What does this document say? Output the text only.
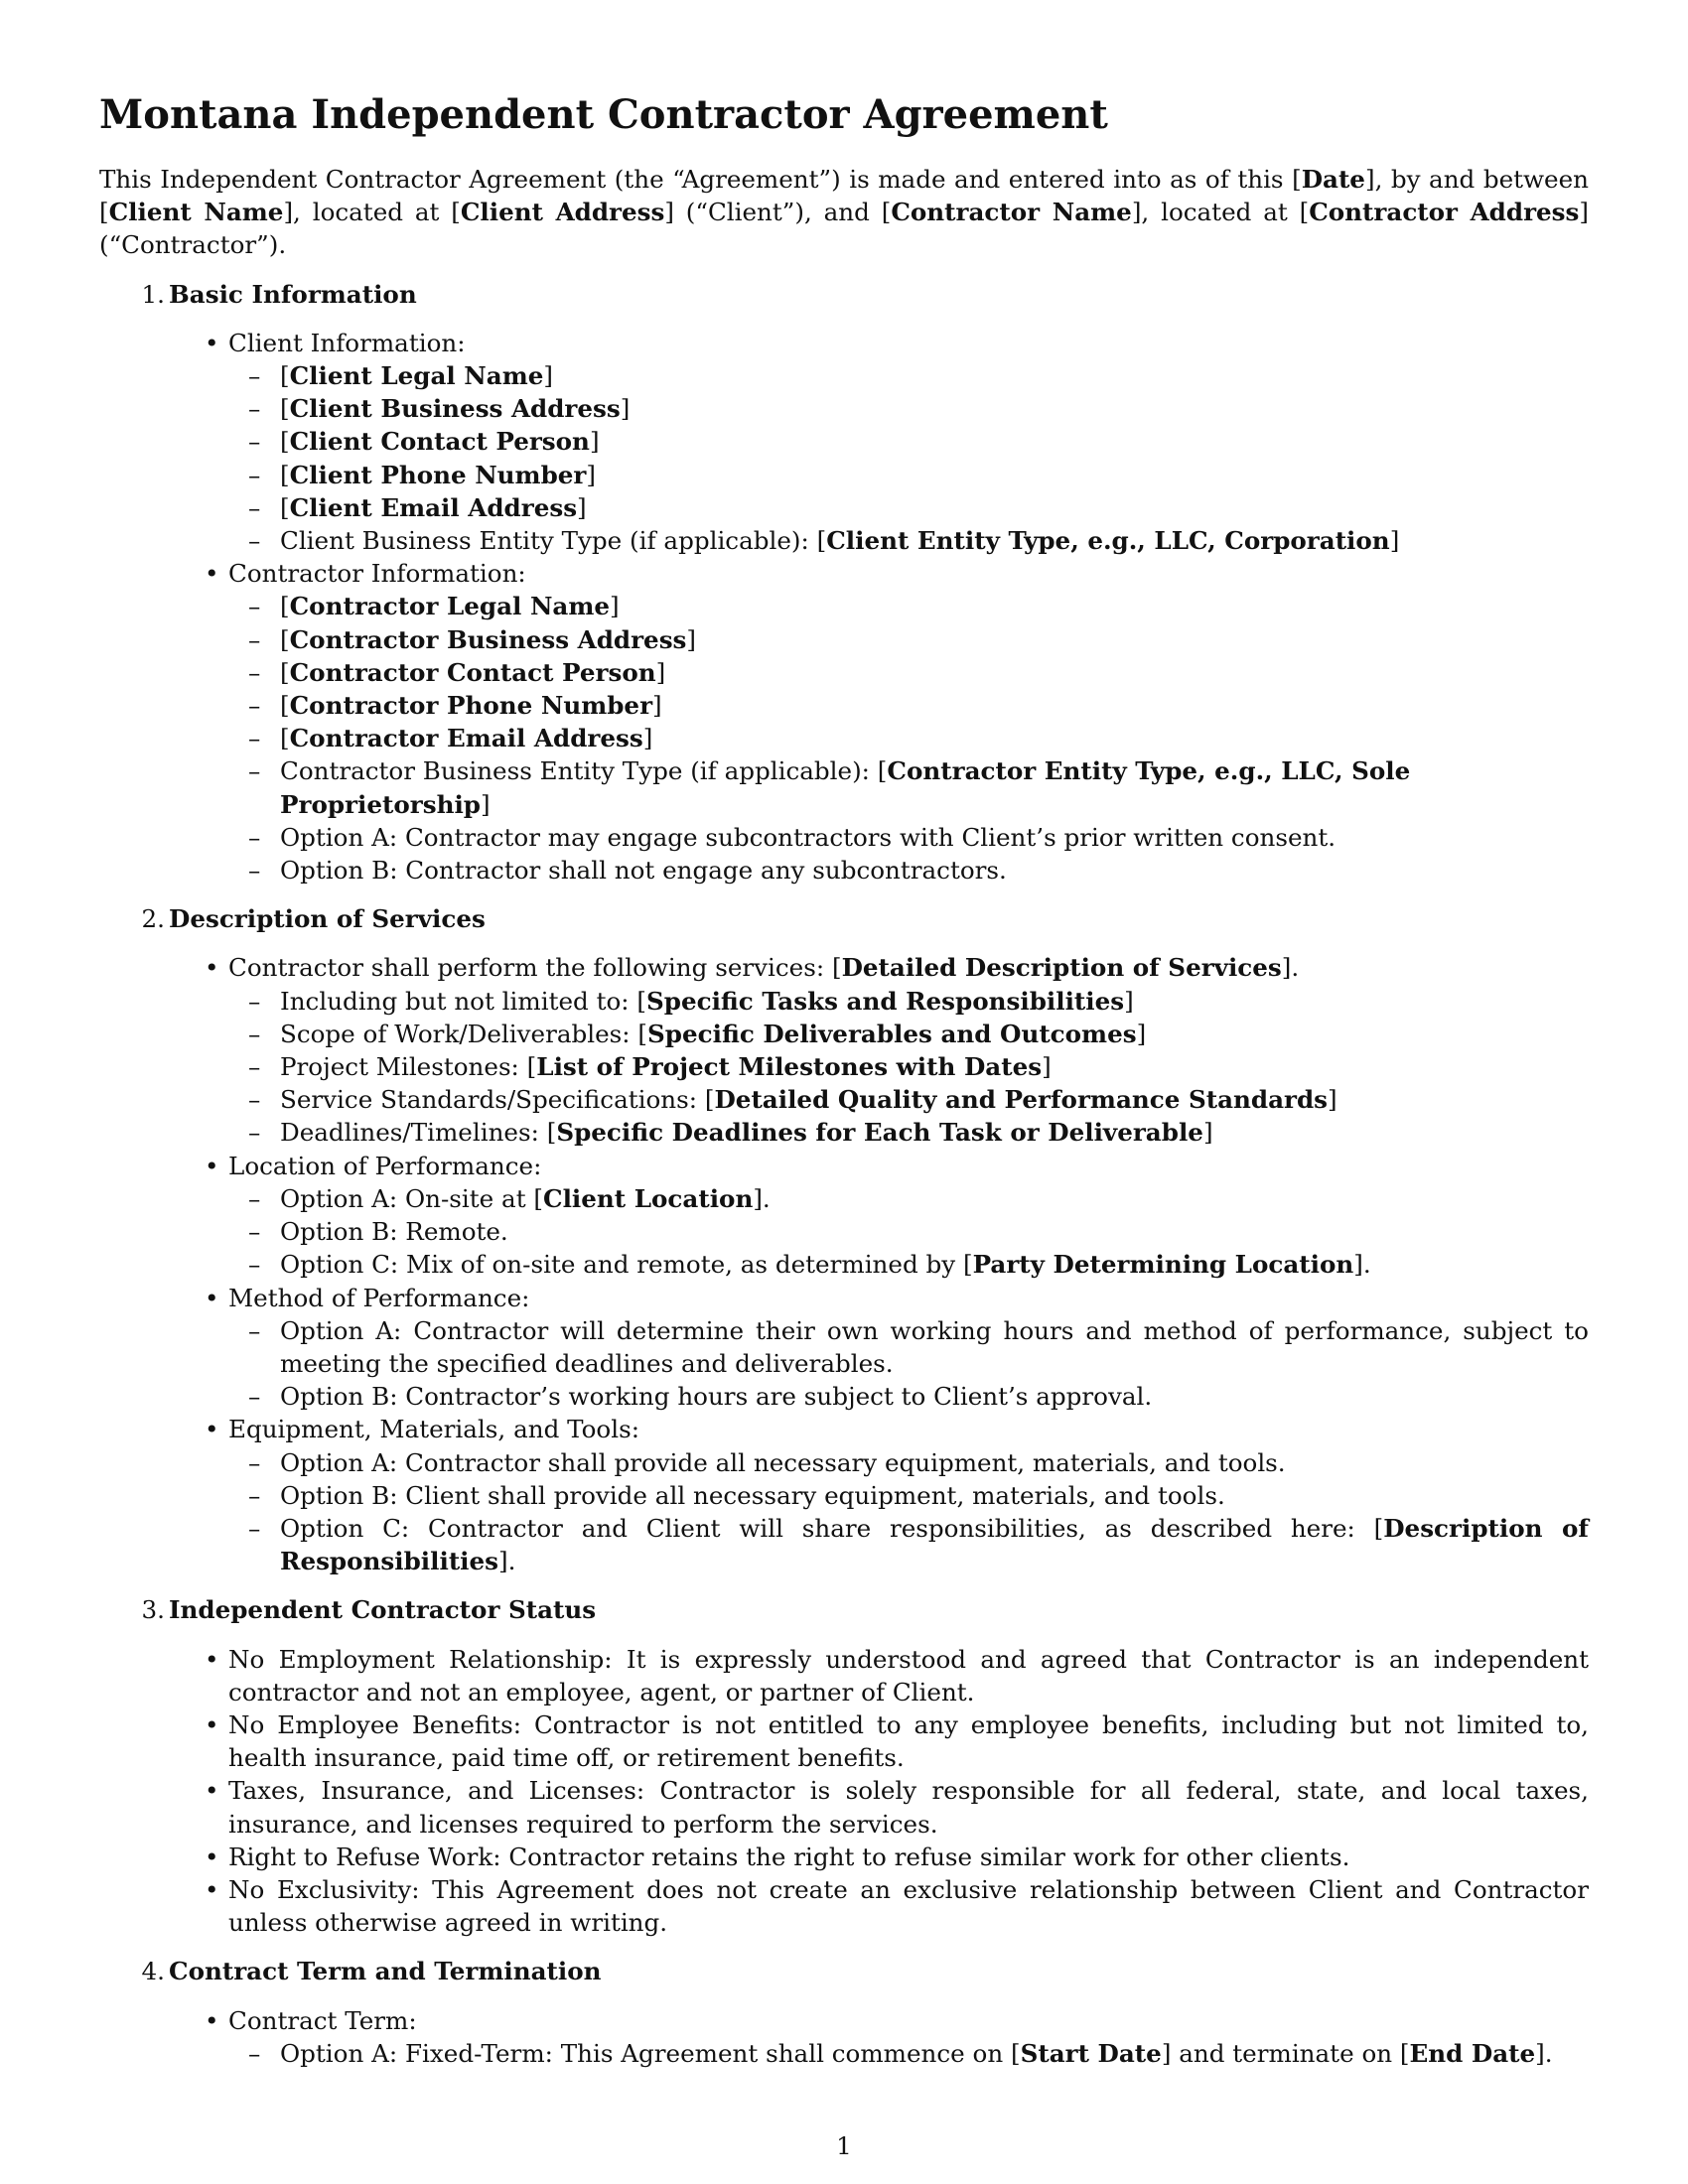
Montana Independent Contractor Agreement

This Independent Contractor Agreement (the “Agreement”) is made and entered into as of this [Date], by and between [Client Name], located at [Client Address] (“Client”), and [Contractor Name], located at [Contractor Address] (“Contractor”).

1. Basic Information
• Client Information:
– [Client Legal Name]
– [Client Business Address]
– [Client Contact Person]
– [Client Phone Number]
– [Client Email Address]
– Client Business Entity Type (if applicable): [Client Entity Type, e.g., LLC, Corporation]
• Contractor Information:
– [Contractor Legal Name]
– [Contractor Business Address]
– [Contractor Contact Person]
– [Contractor Phone Number]
– [Contractor Email Address]
– Contractor Business Entity Type (if applicable): [Contractor Entity Type, e.g., LLC, Sole Proprietorship]
– Option A: Contractor may engage subcontractors with Client’s prior written consent.
– Option B: Contractor shall not engage any subcontractors.
2. Description of Services
• Contractor shall perform the following services: [Detailed Description of Services].
– Including but not limited to: [Specific Tasks and Responsibilities]
– Scope of Work/Deliverables: [Specific Deliverables and Outcomes]
– Project Milestones: [List of Project Milestones with Dates]
– Service Standards/Specifications: [Detailed Quality and Performance Standards]
– Deadlines/Timelines: [Specific Deadlines for Each Task or Deliverable]
• Location of Performance:
– Option A: On-site at [Client Location].
– Option B: Remote.
– Option C: Mix of on-site and remote, as determined by [Party Determining Location].
• Method of Performance:
– Option A: Contractor will determine their own working hours and method of performance, subject to meeting the specified deadlines and deliverables.
– Option B: Contractor’s working hours are subject to Client’s approval.
• Equipment, Materials, and Tools:
– Option A: Contractor shall provide all necessary equipment, materials, and tools.
– Option B: Client shall provide all necessary equipment, materials, and tools.
– Option C: Contractor and Client will share responsibilities, as described here: [Description of Responsibilities].
3. Independent Contractor Status
• No Employment Relationship: It is expressly understood and agreed that Contractor is an independent contractor and not an employee, agent, or partner of Client.
• No Employee Benefits: Contractor is not entitled to any employee benefits, including but not limited to, health insurance, paid time off, or retirement benefits.
• Taxes, Insurance, and Licenses: Contractor is solely responsible for all federal, state, and local taxes, insurance, and licenses required to perform the services.
• Right to Refuse Work: Contractor retains the right to refuse similar work for other clients.
• No Exclusivity: This Agreement does not create an exclusive relationship between Client and Contractor unless otherwise agreed in writing.
4. Contract Term and Termination
• Contract Term:
– Option A: Fixed-Term: This Agreement shall commence on [Start Date] and terminate on [End Date].
1
